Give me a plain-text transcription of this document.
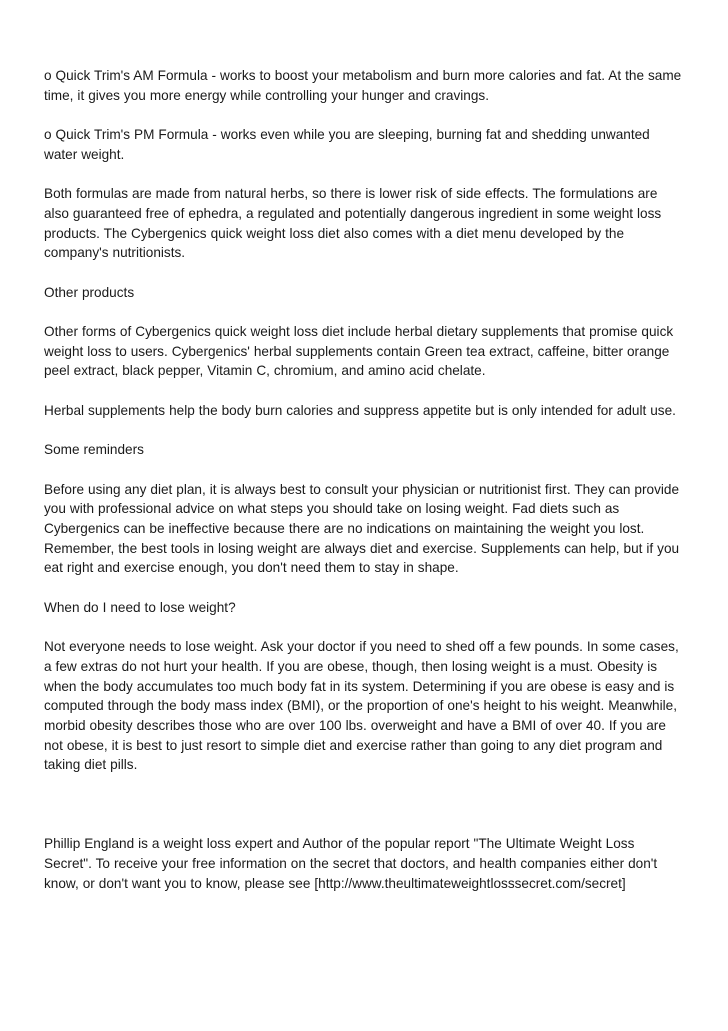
o Quick Trim's AM Formula - works to boost your metabolism and burn more calories and fat. At the same time, it gives you more energy while controlling your hunger and cravings.

o Quick Trim's PM Formula - works even while you are sleeping, burning fat and shedding unwanted water weight.

Both formulas are made from natural herbs, so there is lower risk of side effects. The formulations are also guaranteed free of ephedra, a regulated and potentially dangerous ingredient in some weight loss products. The Cybergenics quick weight loss diet also comes with a diet menu developed by the company's nutritionists.

Other products

Other forms of Cybergenics quick weight loss diet include herbal dietary supplements that promise quick weight loss to users. Cybergenics' herbal supplements contain Green tea extract, caffeine, bitter orange peel extract, black pepper, Vitamin C, chromium, and amino acid chelate.

Herbal supplements help the body burn calories and suppress appetite but is only intended for adult use.

Some reminders

Before using any diet plan, it is always best to consult your physician or nutritionist first. They can provide you with professional advice on what steps you should take on losing weight. Fad diets such as Cybergenics can be ineffective because there are no indications on maintaining the weight you lost. Remember, the best tools in losing weight are always diet and exercise. Supplements can help, but if you eat right and exercise enough, you don't need them to stay in shape.

When do I need to lose weight?

Not everyone needs to lose weight. Ask your doctor if you need to shed off a few pounds. In some cases, a few extras do not hurt your health. If you are obese, though, then losing weight is a must. Obesity is when the body accumulates too much body fat in its system. Determining if you are obese is easy and is computed through the body mass index (BMI), or the proportion of one's height to his weight. Meanwhile, morbid obesity describes those who are over 100 lbs. overweight and have a BMI of over 40. If you are not obese, it is best to just resort to simple diet and exercise rather than going to any diet program and taking diet pills.

Phillip England is a weight loss expert and Author of the popular report "The Ultimate Weight Loss Secret". To receive your free information on the secret that doctors, and health companies either don't know, or don't want you to know, please see [http://www.theultimateweightlosssecret.com/secret]
